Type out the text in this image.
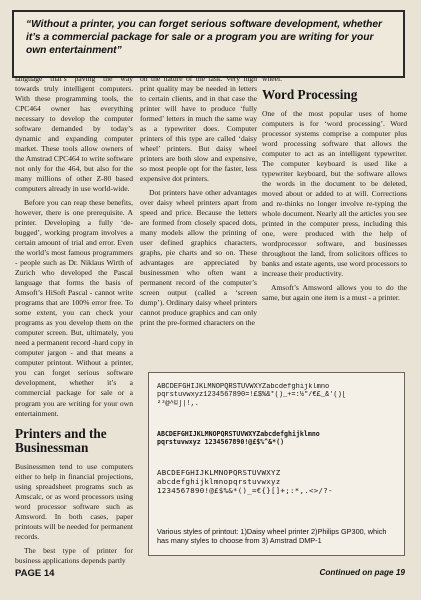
“Without a printer, you can forget serious software development, whether it’s a commercial package for sale or a program you are writing for your own entertainment”

language that’s paving the way towards truly intelligent computers. With these programming tools, the CPC464 owner has everything necessary to develop the computer software demanded by today’s dynamic and expanding computer market. These tools allow owners of the Amstrad CPC464 to write software not only for the 464, but also for the many millions of other Z-80 based computers already in use world-wide.

Before you can reap these benefits, however, there is one prerequisite. A printer. Developing a fully ‘de-bugged’, working program involves a certain amount of trial and error. Even the world’s most famous programmers - people such as Dr. Niklaus Wirth of Zurich who developed the Pascal language that forms the basis of Amsoft’s HiSoft Pascal - cannot write programs that are 100% error free. To some extent, you can check your programs as you develop them on the computer screen. But, ultimately, you need a permanent record -hard copy in computer jargon - and that means a computer printout. Without a printer, you can forget serious software development, whether it’s a commercial package for sale or a program you are writing for your own entertainment.

Printers and the Businessman

Businessmen tend to use computers either to help in financial projections, using spreadsheet programs such as Amscalc, or as word processors using word processor software such as Amsword. In both cases, paper printouts will be needed for permanent records.

The best type of printer for business applications depends partly

on the nature of the task. Very high print quality may be needed in letters to certain clients, and in that case the printer will have to produce ‘fully formed’ letters in much the same way as a typewriter does. Computer printers of this type are called ‘daisy wheel’ printers. But daisy wheel printers are both slow and expensive, so most people opt for the faster, less expensive dot printers.

Dot printers have other advantages over daisy wheel printers apart from speed and price. Because the letters are formed from closely spaced dots, many models allow the printing of user defined graphics characters, graphs, pie charts and so on. These advantages are appreciated by businessmen who often want a permanent record of the computer’s screen output (called a ‘screen dump’). Ordinary daisy wheel printers cannot produce graphics and can only print the pre-formed characters on the

wheel.

Word Processing

One of the most popular uses of home computers is for ‘word processing’. Word processor systems comprise a computer plus word processing software that allows the computer to act as an intelligent typewriter. The computer keyboard is used like a typewriter keyboard, but the software allows the words in the document to be deleted, moved about or added to at will. Corrections and re-thinks no longer involve re-typing the whole document. Nearly all the articles you see printed in the computer press, including this one, were produced with the help of wordprocessor software, and businesses throughout the land, from solicitors offices to banks and estate agents, use word processors to increase their productivity.

Amsoft’s Amsword allows you to do the same, but again one item is a must - a printer.

ABCDEFGHIJKLMNOPQRSTUVWXYZabcdefghijklmno
pqrstuvwxyz1234567890=!£$%&*()_+=:½"/€£_&'()[
²³@^©]|!,.
ABCDEFGHIJKLMNOPQRSTUVWXYZabcdefghijklmno
pqrstuvwxyz 1234567890!@£$%^&*()
ABCDEFGHIJKLMNOPQRSTUVWXYZ
abcdefghijklmnopqrstuvwxyz
1234567890!@£$%&*()_=€{}[]+;:*,.<>/?-
Various styles of printout: 1)Daisy wheel printer 2)Philips GP300, which has many styles to choose from 3) Amstrad DMP-1
PAGE 14	Continued on page 19
